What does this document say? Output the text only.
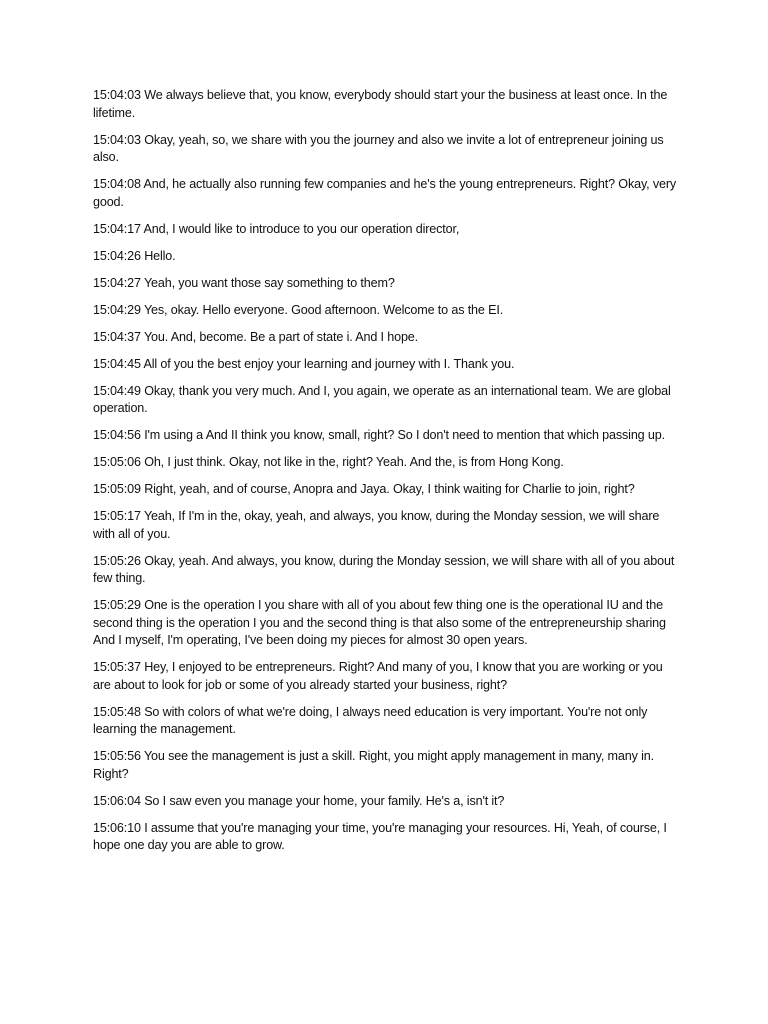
15:04:03 We always believe that, you know, everybody should start your the business at least once. In the lifetime.

15:04:03 Okay, yeah, so, we share with you the journey and also we invite a lot of entrepreneur joining us also.

15:04:08 And, he actually also running few companies and he's the young entrepreneurs. Right? Okay, very good.

15:04:17 And, I would like to introduce to you our operation director,

15:04:26 Hello.

15:04:27 Yeah, you want those say something to them?

15:04:29 Yes, okay. Hello everyone. Good afternoon. Welcome to as the EI.

15:04:37 You. And, become. Be a part of state i. And I hope.

15:04:45 All of you the best enjoy your learning and journey with I. Thank you.

15:04:49 Okay, thank you very much. And I, you again, we operate as an international team. We are global operation.

15:04:56 I'm using a And II think you know, small, right? So I don't need to mention that which passing up.

15:05:06 Oh, I just think. Okay, not like in the, right? Yeah. And the, is from Hong Kong.

15:05:09 Right, yeah, and of course, Anopra and Jaya. Okay, I think waiting for Charlie to join, right?

15:05:17 Yeah, If I'm in the, okay, yeah, and always, you know, during the Monday session, we will share with all of you.

15:05:26 Okay, yeah. And always, you know, during the Monday session, we will share with all of you about few thing.

15:05:29 One is the operation I you share with all of you about few thing one is the operational IU and the second thing is the operation I you and the second thing is that also some of the entrepreneurship sharing And I myself, I'm operating, I've been doing my pieces for almost 30 open years.

15:05:37 Hey, I enjoyed to be entrepreneurs. Right? And many of you, I know that you are working or you are about to look for job or some of you already started your business, right?

15:05:48 So with colors of what we're doing, I always need education is very important. You're not only learning the management.

15:05:56 You see the management is just a skill. Right, you might apply management in many, many in. Right?

15:06:04 So I saw even you manage your home, your family. He's a, isn't it?

15:06:10 I assume that you're managing your time, you're managing your resources. Hi, Yeah, of course, I hope one day you are able to grow.
